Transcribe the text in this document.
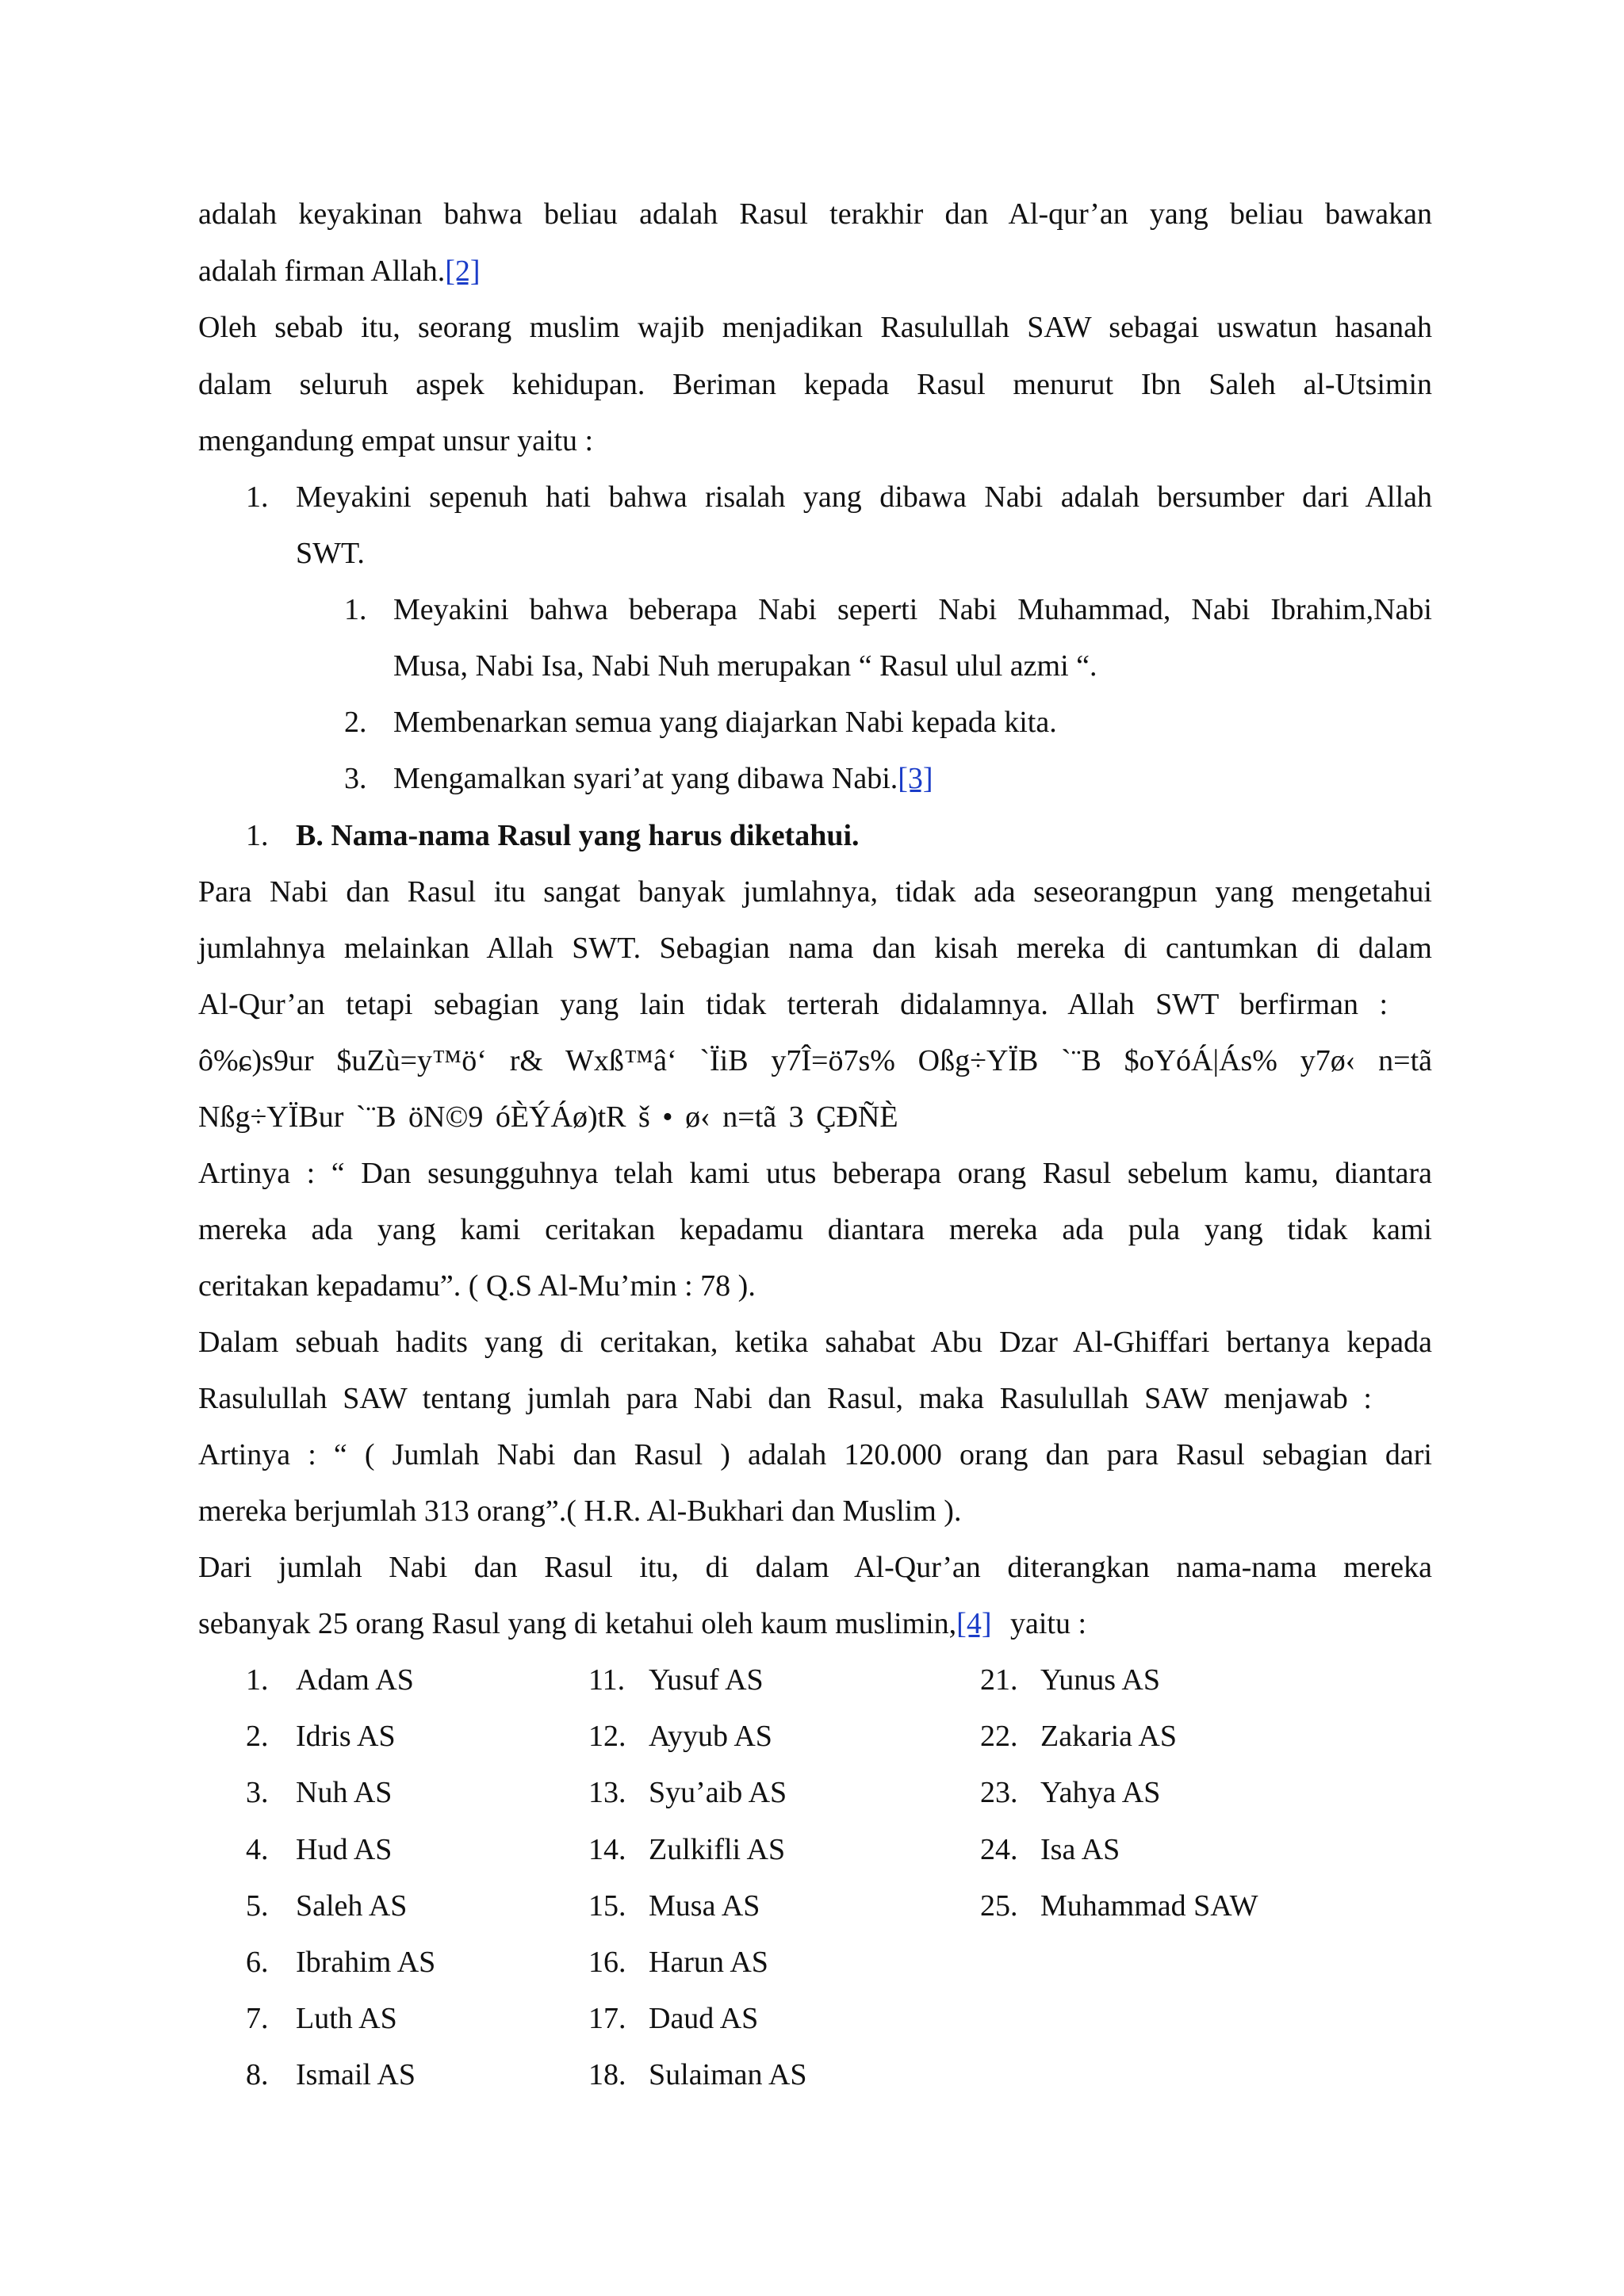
adalah keyakinan bahwa beliau adalah Rasul terakhir dan Al-qur’an yang beliau bawakan
adalah firman Allah.[2]
Oleh sebab itu, seorang muslim wajib menjadikan Rasulullah SAW sebagai uswatun hasanah
dalam seluruh aspek kehidupan. Beriman kepada Rasul menurut Ibn Saleh al-Utsimin
mengandung empat unsur yaitu :
1. Meyakini sepenuh hati bahwa risalah yang dibawa Nabi adalah bersumber dari Allah
SWT.
1. Meyakini bahwa beberapa Nabi seperti Nabi Muhammad, Nabi Ibrahim,Nabi
Musa, Nabi Isa, Nabi Nuh merupakan “ Rasul ulul azmi “.
2. Membenarkan semua yang diajarkan Nabi kepada kita.
3. Mengamalkan syari’at yang dibawa Nabi.[3]
1. B. Nama-nama Rasul yang harus diketahui.
Para Nabi dan Rasul itu sangat banyak jumlahnya, tidak ada seseorangpun yang mengetahui
jumlahnya melainkan Allah SWT. Sebagian nama dan kisah mereka di cantumkan di dalam
Al-Qur’an tetapi sebagian yang lain tidak terterah didalamnya. Allah SWT berfirman :
ô%ɕ)s9ur $uZù=y™ö‘ r& Wxß™â‘ `ÏiB y7Î=ö7s% Oßg÷YÏB `¨B $oYóÁ|Ás% y7ø‹ n=tã
Nßg÷YÏBur `¨B öN©9 óÈÝÁø)tR š • ø‹ n=tã 3 ÇĐÑÈ
Artinya : “ Dan sesungguhnya telah kami utus beberapa orang Rasul sebelum kamu, diantara
mereka ada yang kami ceritakan kepadamu diantara mereka ada pula yang tidak kami
ceritakan kepadamu”. ( Q.S Al-Mu’min : 78 ).
Dalam sebuah hadits yang di ceritakan, ketika sahabat Abu Dzar Al-Ghiffari bertanya kepada
Rasulullah SAW tentang jumlah para Nabi dan Rasul, maka Rasulullah SAW menjawab :
Artinya : “ ( Jumlah Nabi dan Rasul ) adalah 120.000 orang dan para Rasul sebagian dari
mereka berjumlah 313 orang”.( H.R. Al-Bukhari dan Muslim ).
Dari jumlah Nabi dan Rasul itu, di dalam Al-Qur’an diterangkan nama-nama mereka
sebanyak 25 orang Rasul yang di ketahui oleh kaum muslimin,[4] yaitu :
1. Adam AS
2. Idris AS
3. Nuh AS
4. Hud AS
5. Saleh AS
6. Ibrahim AS
7. Luth AS
8. Ismail AS
11. Yusuf AS
12. Ayyub AS
13. Syu’aib AS
14. Zulkifli AS
15. Musa AS
16. Harun AS
17. Daud AS
18. Sulaiman AS
21. Yunus AS
22. Zakaria AS
23. Yahya AS
24. Isa AS
25. Muhammad SAW
